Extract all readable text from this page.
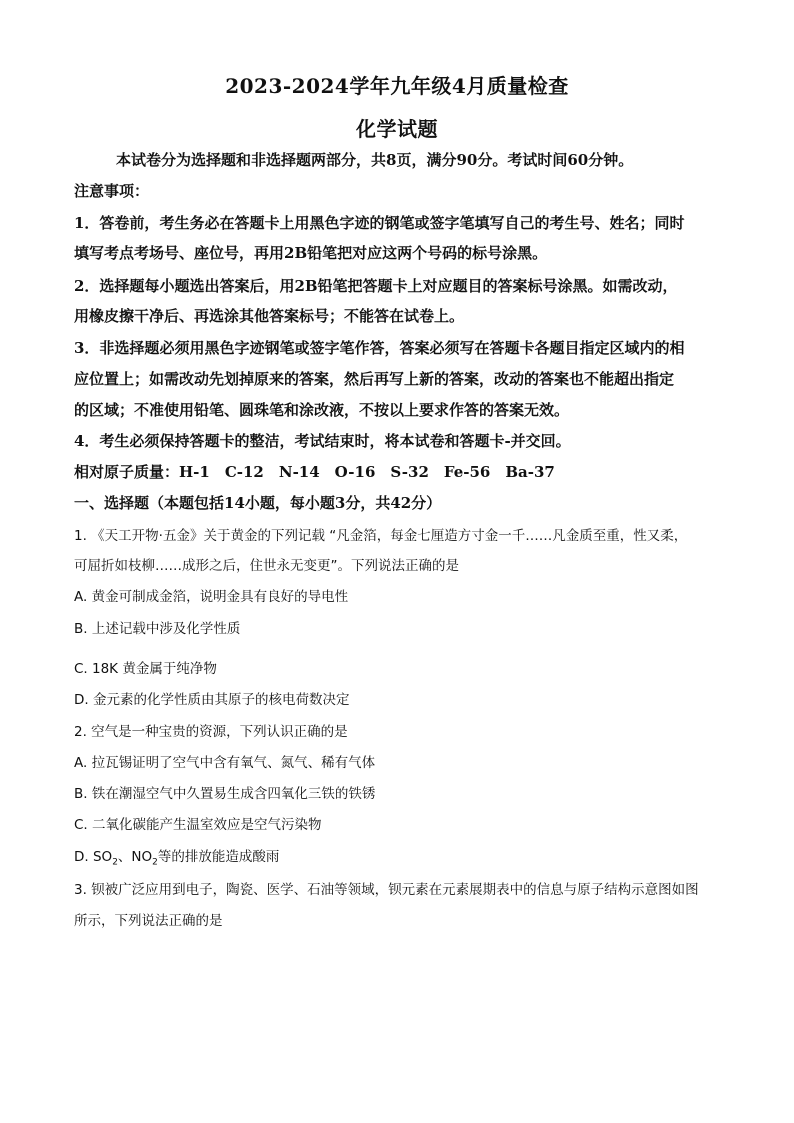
2023-2024学年九年级4月质量检查
化学试题
本试卷分为选择题和非选择题两部分，共8页，满分90分。考试时间60分钟。
注意事项：
1．答卷前，考生务必在答题卡上用黑色字迹的钢笔或签字笔填写自己的考生号、姓名；同时
填写考点考场号、座位号，再用2B铅笔把对应这两个号码的标号涂黑。
2．选择题每小题选出答案后，用2B铅笔把答题卡上对应题目的答案标号涂黑。如需改动，
用橡皮擦干净后、再选涂其他答案标号；不能答在试卷上。
3．非选择题必须用黑色字迹钢笔或签字笔作答，答案必须写在答题卡各题目指定区域内的相
应位置上；如需改动先划掉原来的答案，然后再写上新的答案，改动的答案也不能超出指定
的区域；不准使用铅笔、圆珠笔和涂改液，不按以上要求作答的答案无效。
4．考生必须保持答题卡的整洁，考试结束时，将本试卷和答题卡-并交回。
相对原子质量：H-1　C-12　N-14　O-16　S-32　Fe-56　Ba-37
一、选择题（本题包括14小题，每小题3分，共42分）
1. 《天工开物·五金》关于黄金的下列记载 “凡金箔，每金七厘造方寸金一千……凡金质至重，性又柔，
可屈折如枝柳……成形之后，住世永无变更”。下列说法正确的是
A. 黄金可制成金箔，说明金具有良好的导电性
B. 上述记载中涉及化学性质
C. 18K 黄金属于纯净物
D. 金元素的化学性质由其原子的核电荷数决定
2. 空气是一种宝贵的资源，下列认识正确的是
A. 拉瓦锡证明了空气中含有氧气、氮气、稀有气体
B. 铁在潮湿空气中久置易生成含四氧化三铁的铁锈
C. 二氧化碳能产生温室效应是空气污染物
D. $SO_2$、$NO_2$等的排放能造成酸雨
3. 钡被广泛应用到电子，陶瓷、医学、石油等领域，钡元素在元素展期表中的信息与原子结构示意图如图
所示，下列说法正确的是
